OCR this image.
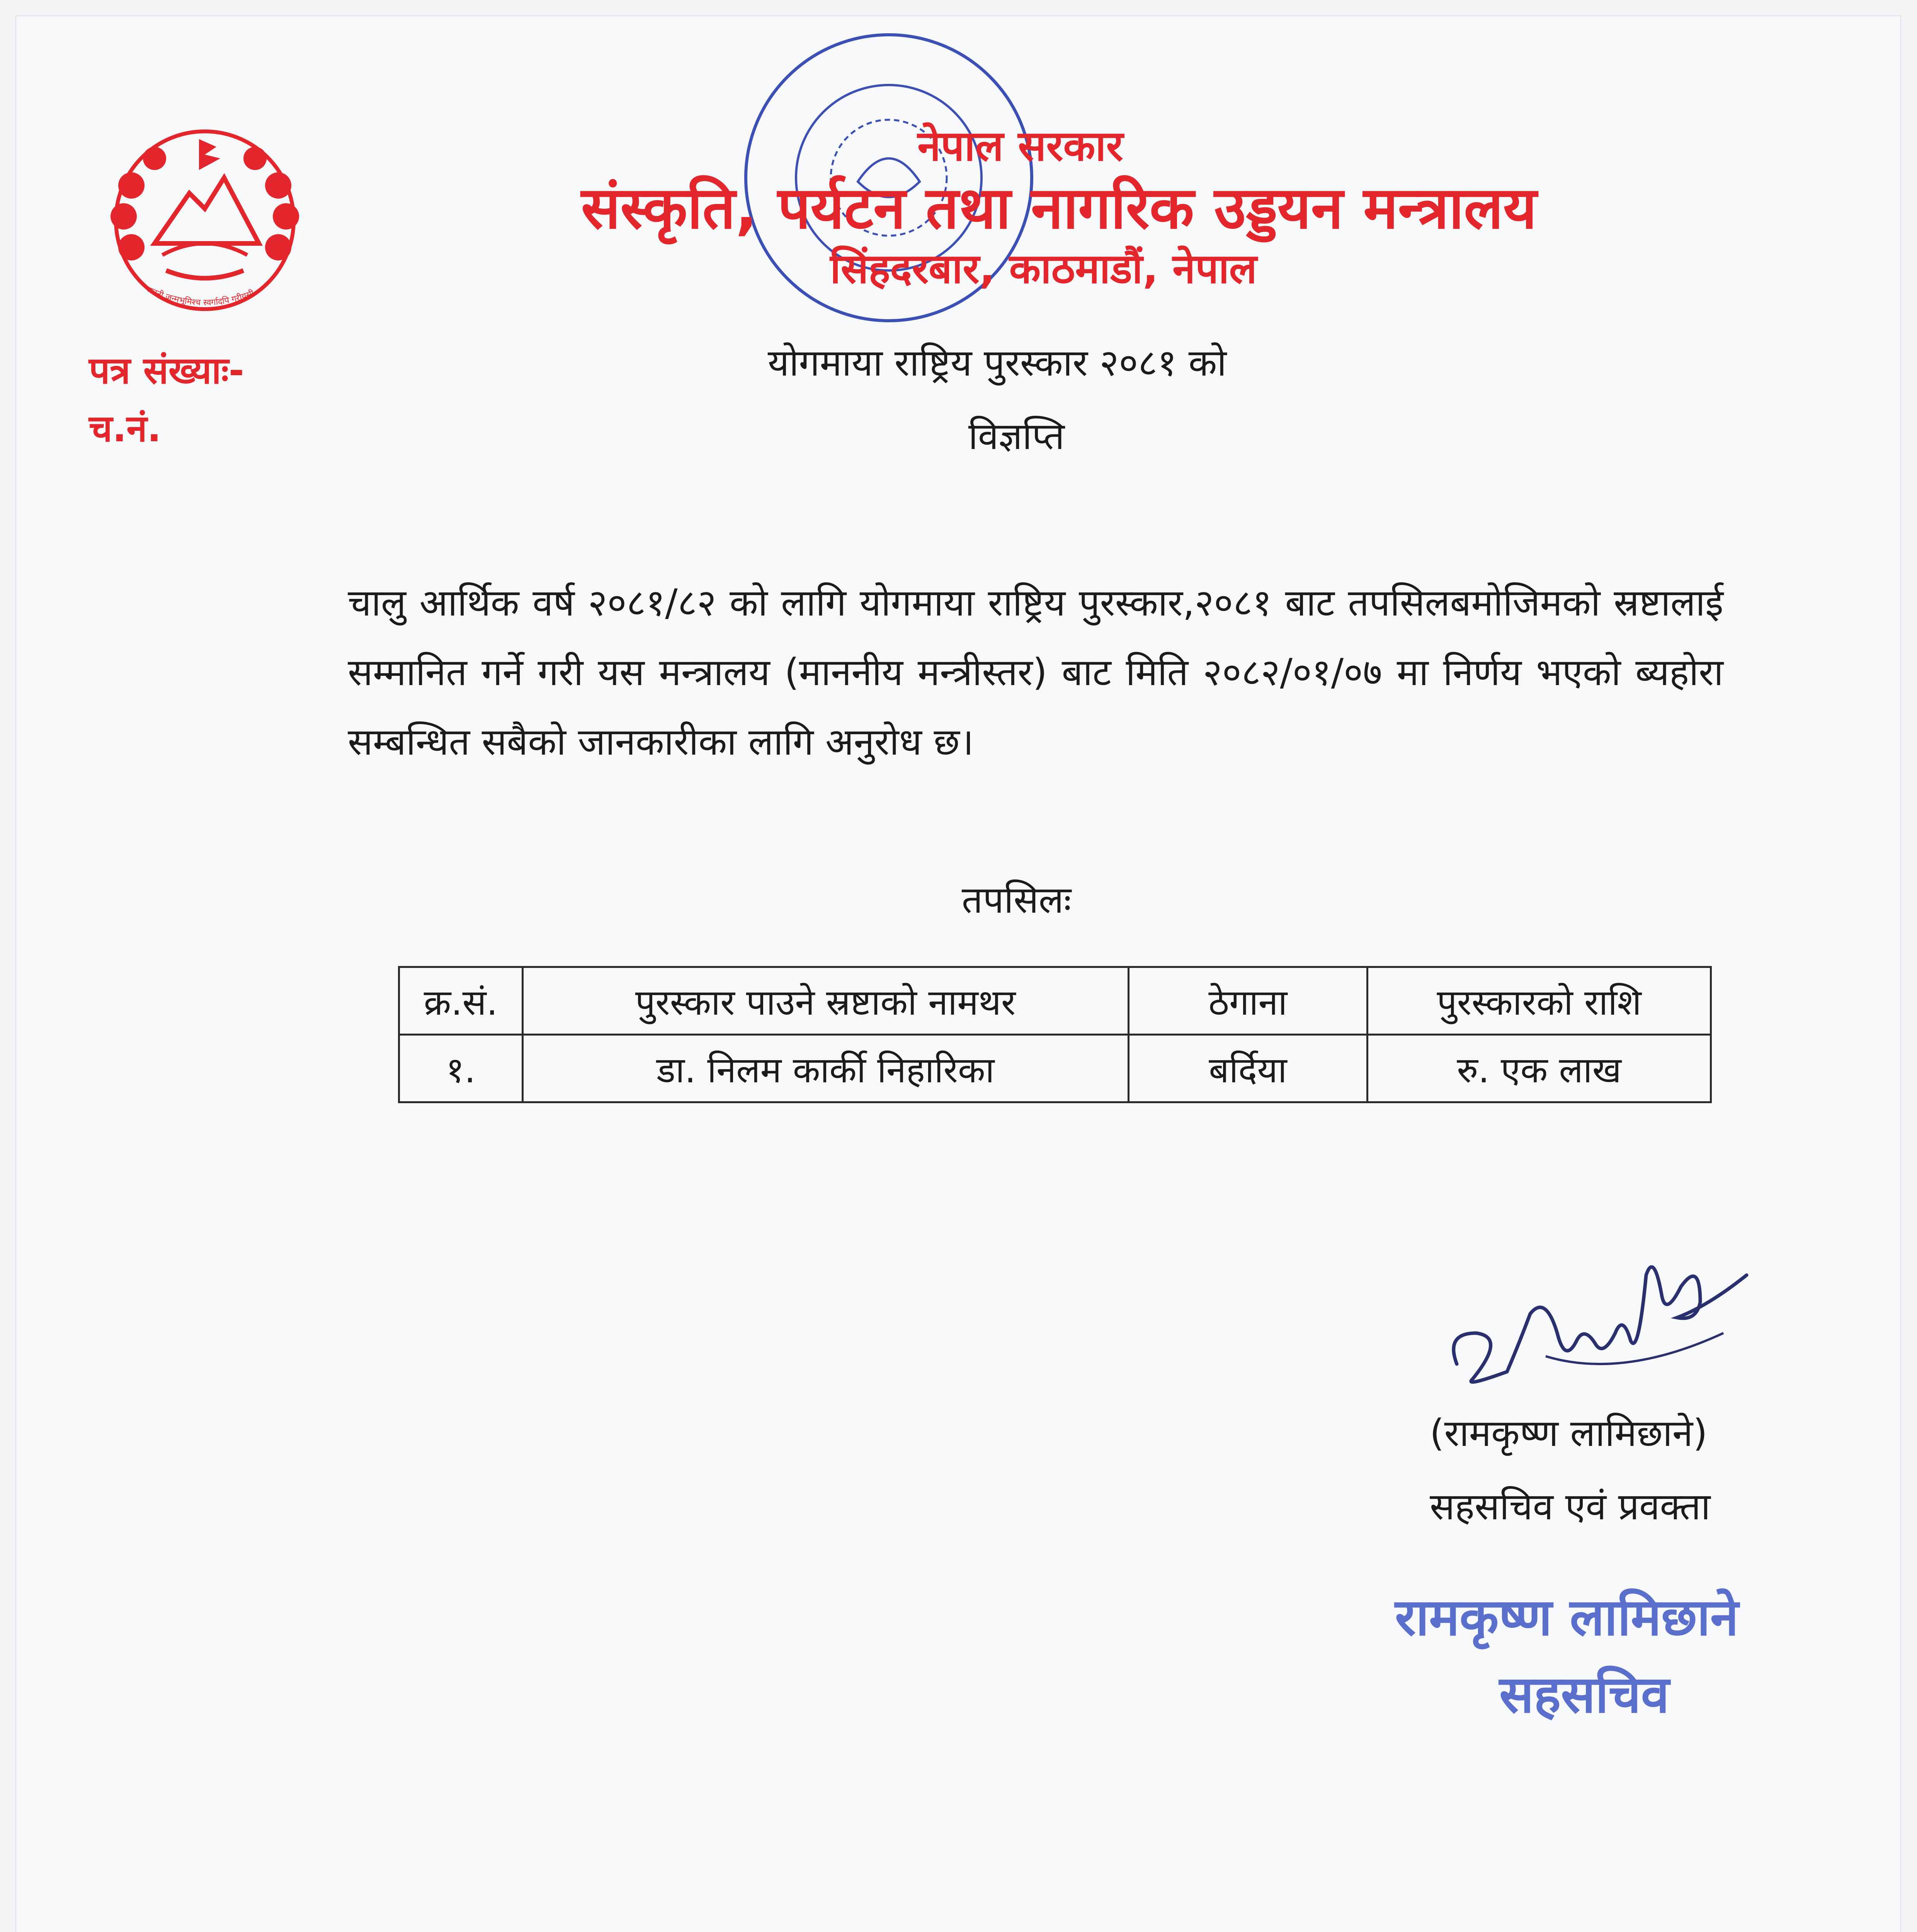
जननी जन्मभूमिश्च स्वर्गादपि गरीयसी
नेपाल सरकार
संस्कृति, पर्यटन तथा नागरिक उड्डयन मन्त्रालय
सिंहदरबार, काठमाडौं, नेपाल
पत्र संख्याः-
च.नं.
योगमाया राष्ट्रिय पुरस्कार २०८१ को
विज्ञप्ति
चालु आर्थिक वर्ष २०८१/८२ को लागि योगमाया राष्ट्रिय पुरस्कार,२०८१ बाट तपसिलबमोजिमको स्रष्टालाई सम्मानित गर्ने गरी यस मन्त्रालय (माननीय मन्त्रीस्तर) बाट मिति २०८२/०१/०७ मा निर्णय भएको ब्यहोरा सम्बन्धित सबैको जानकारीका लागि अनुरोध छ।
तपसिलः
क्र.सं.	पुरस्कार पाउने स्रष्टाको नामथर	ठेगाना	पुरस्कारको राशि
१.	डा. निलम कार्की निहारिका	बर्दिया	रु. एक लाख
(रामकृष्ण लामिछाने)
सहसचिव एवं प्रवक्ता
रामकृष्ण लामिछाने
सहसचिव
